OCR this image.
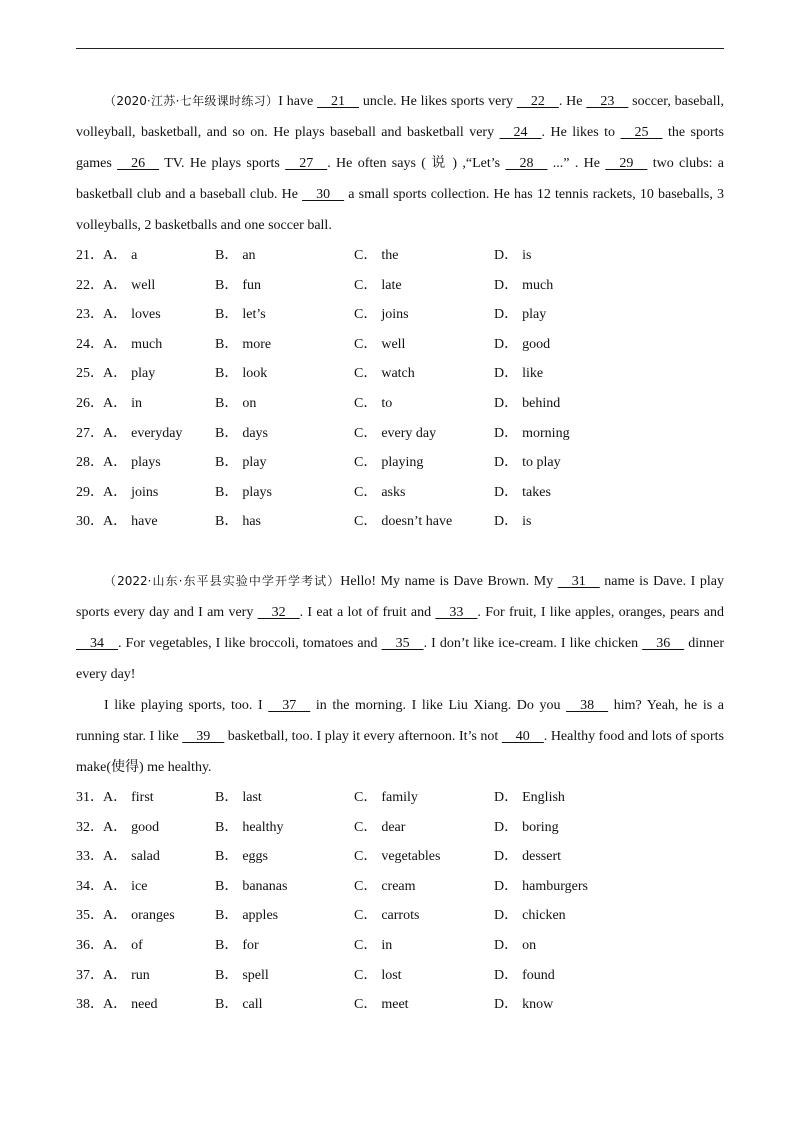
（2020·江苏·七年级课时练习）I have  21  uncle. He likes sports very  22 . He  23  soccer, baseball, volleyball, basketball, and so on. He plays baseball and basketball very  24 . He likes to  25  the sports games  26  TV. He plays sports  27 . He often says ( 说 ) ,“Let’s  28  ...” . He  29  two clubs: a basketball club and a baseball club. He  30  a small sports collection. He has 12 tennis rackets, 10 baseballs, 3 volleyballs, 2 basketballs and one soccer ball.

21． A． a	B． an	C． the	D． is
22． A． well	B． fun	C． late	D． much
23． A． loves	B． let’s	C． joins	D． play
24． A． much	B． more	C． well	D． good
25． A． play	B． look	C． watch	D． like
26． A． in	B． on	C． to	D． behind
27． A． everyday B． days	C． every day	D． morning
28． A． plays	B． play	C． playing	D． to play
29． A． joins	B． plays	C． asks	D． takes
30． A． have	B． has	C． doesn’t have	D． is

（2022·山东·东平县实验中学开学考试）Hello! My name is Dave Brown. My  31  name is Dave. I play sports every day and I am very  32 . I eat a lot of fruit and  33 . For fruit, I like apples, oranges, pears and  34 . For vegetables, I like broccoli, tomatoes and  35 . I don’t like ice-cream. I like chicken  36  dinner every day!

I like playing sports, too. I  37  in the morning. I like Liu Xiang. Do you  38  him? Yeah, he is a running star. I like  39  basketball, too. I play it every afternoon. It’s not  40 . Healthy food and lots of sports make(使得) me healthy.

31． A． first	B． last	C． family	D． English
32． A． good	B． healthy	C． dear	D． boring
33． A． salad	B． eggs	C． vegetables	D． dessert
34． A． ice	B． bananas	C． cream	D． hamburgers
35． A． oranges	B． apples	C． carrots	D． chicken
36． A． of	B． for	C． in	D． on
37． A． run	B． spell	C． lost	D． found
38． A． need	B． call	C． meet	D． know
